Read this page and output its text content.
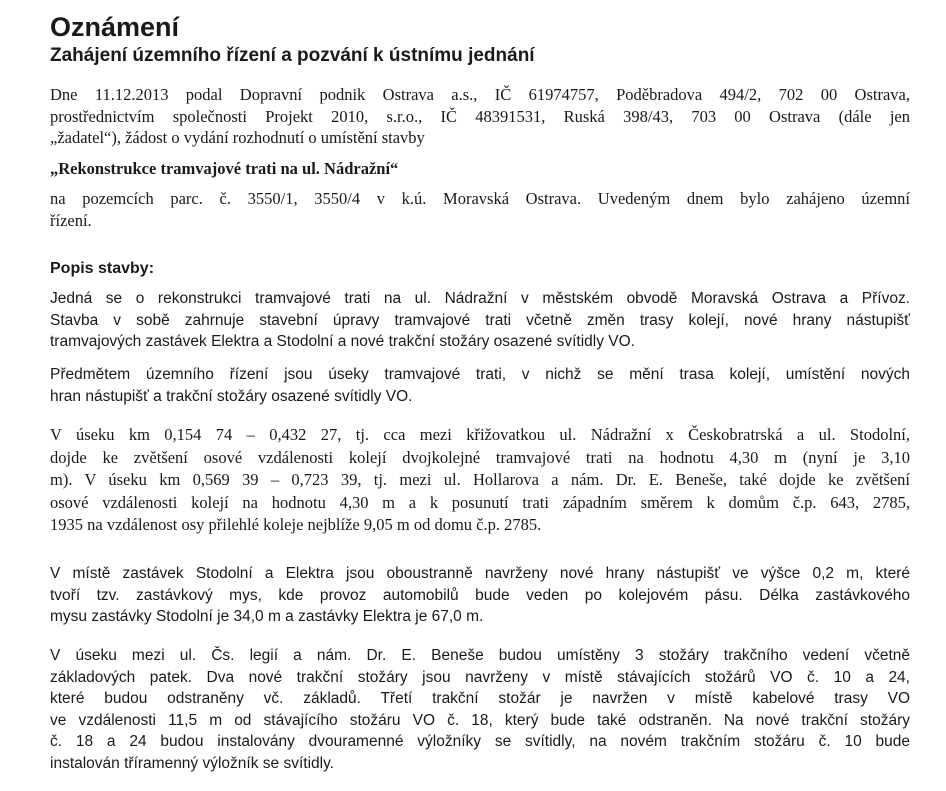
Oznámení
Zahájení územního řízení a pozvání k ústnímu jednání

Dne 11.12.2013 podal Dopravní podnik Ostrava a.s., IČ 61974757, Poděbradova 494/2, 702 00 Ostrava,
prostřednictvím společnosti Projekt 2010, s.r.o., IČ 48391531, Ruská 398/43, 703 00 Ostrava (dále jen
„žadatel“), žádost o vydání rozhodnutí o umístění stavby

„Rekonstrukce tramvajové trati na ul. Nádražní“

na pozemcích parc. č. 3550/1, 3550/4 v k.ú. Moravská Ostrava. Uvedeným dnem bylo zahájeno územní
řízení.

Popis stavby:

Jedná se o rekonstrukci tramvajové trati na ul. Nádražní v městském obvodě Moravská Ostrava a Přívoz.
Stavba v sobě zahrnuje stavební úpravy tramvajové trati včetně změn trasy kolejí, nové hrany nástupišť
tramvajových zastávek Elektra a Stodolní a nové trakční stožáry osazené svítidly VO.

Předmětem územního řízení jsou úseky tramvajové trati, v nichž se mění trasa kolejí, umístění nových
hran nástupišť a trakční stožáry osazené svítidly VO.

V úseku km 0,154 74 – 0,432 27, tj. cca mezi křižovatkou ul. Nádražní x Českobratrská a ul. Stodolní,
dojde ke zvětšení osové vzdálenosti kolejí dvojkolejné tramvajové trati na hodnotu 4,30 m (nyní je 3,10
m). V úseku km 0,569 39 – 0,723 39, tj. mezi ul. Hollarova a nám. Dr. E. Beneše, také dojde ke zvětšení
osové vzdálenosti kolejí na hodnotu 4,30 m a k posunutí trati západním směrem k domům č.p. 643, 2785,
1935 na vzdálenost osy přilehlé koleje nejblíže 9,05 m od domu č.p. 2785.

V místě zastávek Stodolní a Elektra jsou oboustranně navrženy nové hrany nástupišť ve výšce 0,2 m, které
tvoří tzv. zastávkový mys, kde provoz automobilů bude veden po kolejovém pásu. Délka zastávkového
mysu zastávky Stodolní je 34,0 m a zastávky Elektra je 67,0 m.

V úseku mezi ul. Čs. legií a nám. Dr. E. Beneše budou umístěny 3 stožáry trakčního vedení včetně
základových patek. Dva nové trakční stožáry jsou navrženy v místě stávajících stožárů VO č. 10 a 24,
které budou odstraněny vč. základů. Třetí trakční stožár je navržen v místě kabelové trasy VO
ve vzdálenosti 11,5 m od stávajícího stožáru VO č. 18, který bude také odstraněn. Na nové trakční stožáry
č. 18 a 24 budou instalovány dvouramenné výložníky se svítidly, na novém trakčním stožáru č. 10 bude
instalován tříramenný výložník se svítidly.
